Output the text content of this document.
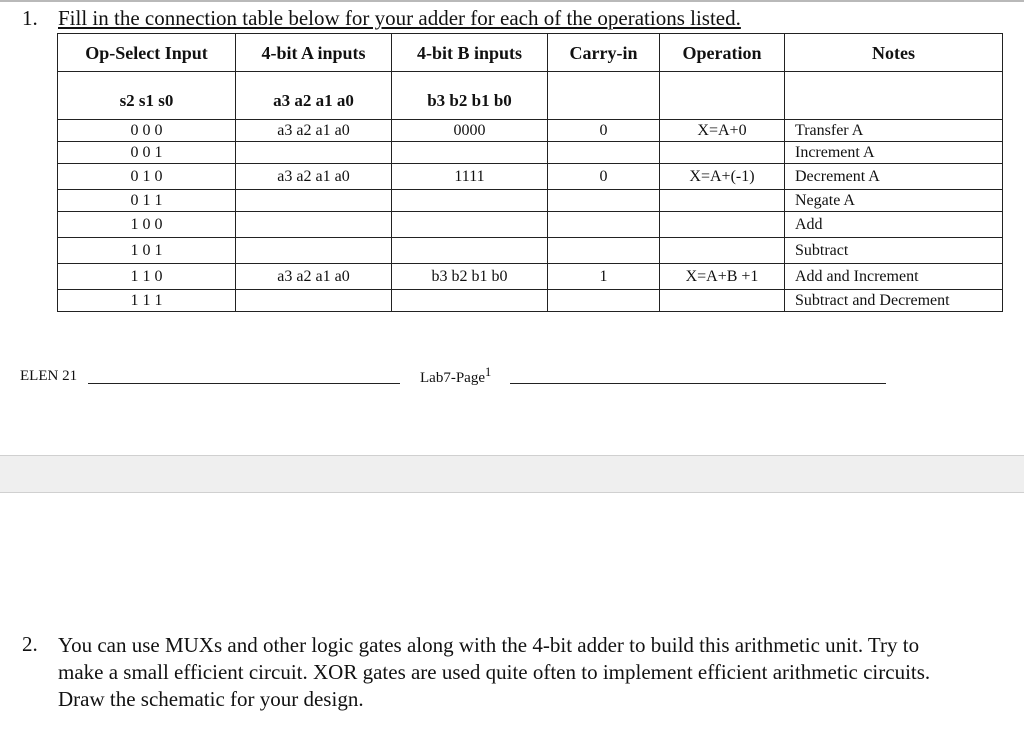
1. Fill in the connection table below for your adder for each of the operations listed.
Op-Select Input	4-bit A inputs	4-bit B inputs	Carry-in	Operation	Notes
s2 s1 s0	a3 a2 a1 a0	b3 b2 b1 b0			
0 0 0	a3 a2 a1 a0	0000	0	X=A+0	Transfer A
0 0 1					Increment A
0 1 0	a3 a2 a1 a0	1111	0	X=A+(-1)	Decrement A
0 1 1					Negate A
1 0 0					Add
1 0 1					Subtract
1 1 0	a3 a2 a1 a0	b3 b2 b1 b0	1	X=A+B +1	Add and Increment
1 1 1					Subtract and Decrement
ELEN 21	Lab7-Page$^1$
2. You can use MUXs and other logic gates along with the 4-bit adder to build this arithmetic unit. Try to make a small efficient circuit. XOR gates are used quite often to implement efficient arithmetic circuits. Draw the schematic for your design.
